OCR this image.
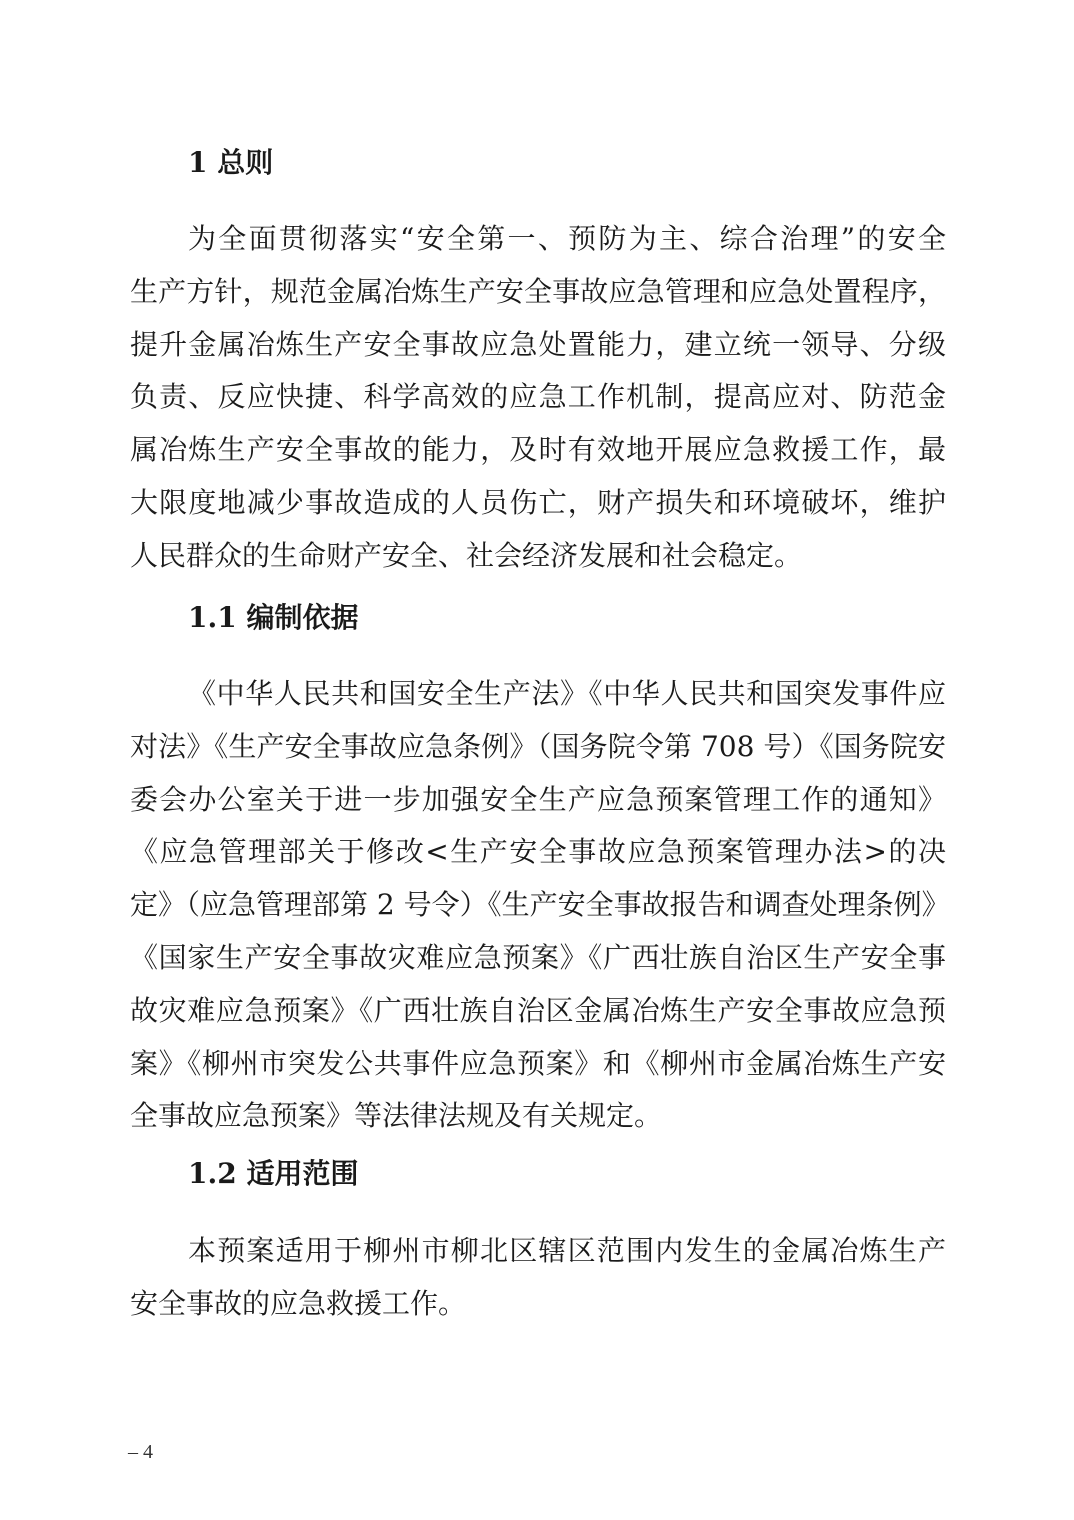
1 总则
为全面贯彻落实“安全第一、预防为主、综合治理”的安全
生产方针，规范金属冶炼生产安全事故应急管理和应急处置程序，
提升金属冶炼生产安全事故应急处置能力，建立统一领导、分级
负责、反应快捷、科学高效的应急工作机制，提高应对、防范金
属冶炼生产安全事故的能力，及时有效地开展应急救援工作，最
大限度地减少事故造成的人员伤亡，财产损失和环境破坏，维护
人民群众的生命财产安全、社会经济发展和社会稳定。
1.1 编制依据
《中华人民共和国安全生产法》《中华人民共和国突发事件应
对法》《生产安全事故应急条例》（国务院令第 708 号）《国务院安
委会办公室关于进一步加强安全生产应急预案管理工作的通知》
《应急管理部关于修改<生产安全事故应急预案管理办法>的决
定》（应急管理部第 2 号令）《生产安全事故报告和调查处理条例》
《国家生产安全事故灾难应急预案》《广西壮族自治区生产安全事
故灾难应急预案》《广西壮族自治区金属冶炼生产安全事故应急预
案》《柳州市突发公共事件应急预案》和《柳州市金属冶炼生产安
全事故应急预案》等法律法规及有关规定。
1.2 适用范围
本预案适用于柳州市柳北区辖区范围内发生的金属冶炼生产
安全事故的应急救援工作。
– 4
